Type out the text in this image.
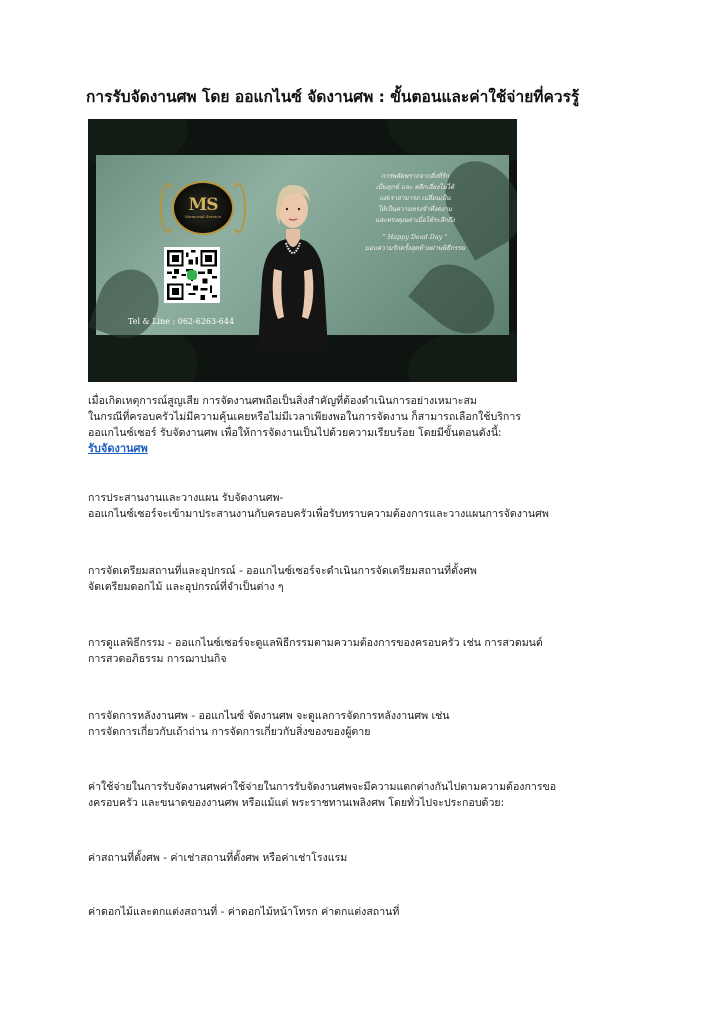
การรับจัดงานศพ โดย ออแกไนซ์ จัดงานศพ : ขั้นตอนและค่าใช้จ่ายที่ควรรู้
MS
Memorial Service
Tel & Line : 062-6263-644
การพลัดพรากจากสิ่งที่รัก
เป็นทุกข์ และ หลีกเลี่ยงไม่ได้
แต่เราสามารถ เปลี่ยนเป็น
ให้เป็นความทรงจำที่งดงาม
และทรงคุณค่าเมื่อได้ระลึกถึง
" Happy Dead Day "
มอบความรักครั้งสุดท้ายผ่านพิธีกรรม
เมื่อเกิดเหตุการณ์สูญเสีย การจัดงานศพถือเป็นสิ่งสำคัญที่ต้องดำเนินการอย่างเหมาะสม
ในกรณีที่ครอบครัวไม่มีความคุ้นเคยหรือไม่มีเวลาเพียงพอในการจัดงาน ก็สามารถเลือกใช้บริการ
ออแกไนซ์เซอร์ รับจัดงานศพ เพื่อให้การจัดงานเป็นไปด้วยความเรียบร้อย โดยมีขั้นตอนดังนี้:
รับจัดงานศพ
การประสานงานและวางแผน รับจัดงานศพ-
ออแกไนซ์เซอร์จะเข้ามาประสานงานกับครอบครัวเพื่อรับทราบความต้องการและวางแผนการจัดงานศพ
การจัดเตรียมสถานที่และอุปกรณ์ - ออแกไนซ์เซอร์จะดำเนินการจัดเตรียมสถานที่ตั้งศพ
จัดเตรียมดอกไม้ และอุปกรณ์ที่จำเป็นต่าง ๆ
การดูแลพิธีกรรม - ออแกไนซ์เซอร์จะดูแลพิธีกรรมตามความต้องการของครอบครัว เช่น การสวดมนต์
การสวดอภิธรรม การฌาปนกิจ
การจัดการหลังงานศพ - ออแกไนซ์ จัดงานศพ จะดูแลการจัดการหลังงานศพ เช่น
การจัดการเกี่ยวกับเถ้าถ่าน การจัดการเกี่ยวกับสิ่งของของผู้ตาย
ค่าใช้จ่ายในการรับจัดงานศพค่าใช้จ่ายในการรับจัดงานศพจะมีความแตกต่างกันไปตามความต้องการขอ
งครอบครัว และขนาดของงานศพ หรือแม้แต่ พระราชทานเพลิงศพ โดยทั่วไปจะประกอบด้วย:
ค่าสถานที่ตั้งศพ - ค่าเช่าสถานที่ตั้งศพ หรือค่าเช่าโรงแรม
ค่าดอกไม้และตกแต่งสถานที่ - ค่าดอกไม้หน้าโทรก ค่าตกแต่งสถานที่
